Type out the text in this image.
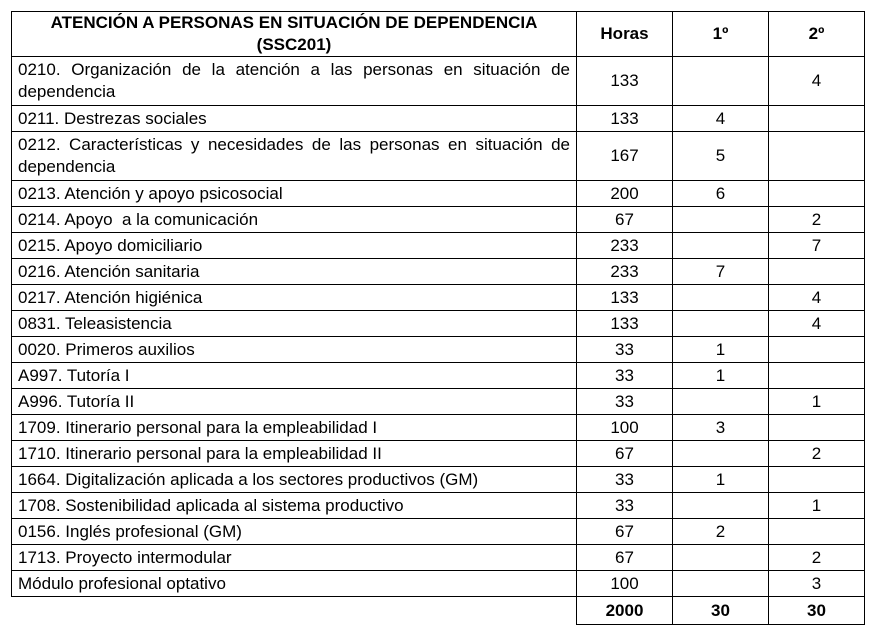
ATENCIÓN A PERSONAS EN SITUACIÓN DE DEPENDENCIA (SSC201)	Horas	1º	2º
0210. Organización de la atención a las personas en situación de dependencia	133		4
0211. Destrezas sociales	133	4	
0212. Características y necesidades de las personas en situación de dependencia	167	5	
0213. Atención y apoyo psicosocial	200	6	
0214. Apoyo  a la comunicación	67		2
0215. Apoyo domiciliario	233		7
0216. Atención sanitaria	233	7	
0217. Atención higiénica	133		4
0831. Teleasistencia	133		4
0020. Primeros auxilios	33	1	
A997. Tutoría I	33	1	
A996. Tutoría II	33		1
1709. Itinerario personal para la empleabilidad I	100	3	
1710. Itinerario personal para la empleabilidad II	67		2
1664. Digitalización aplicada a los sectores productivos (GM)	33	1	
1708. Sostenibilidad aplicada al sistema productivo	33		1
0156. Inglés profesional (GM)	67	2	
1713. Proyecto intermodular	67		2
Módulo profesional optativo	100		3
	2000	30	30
